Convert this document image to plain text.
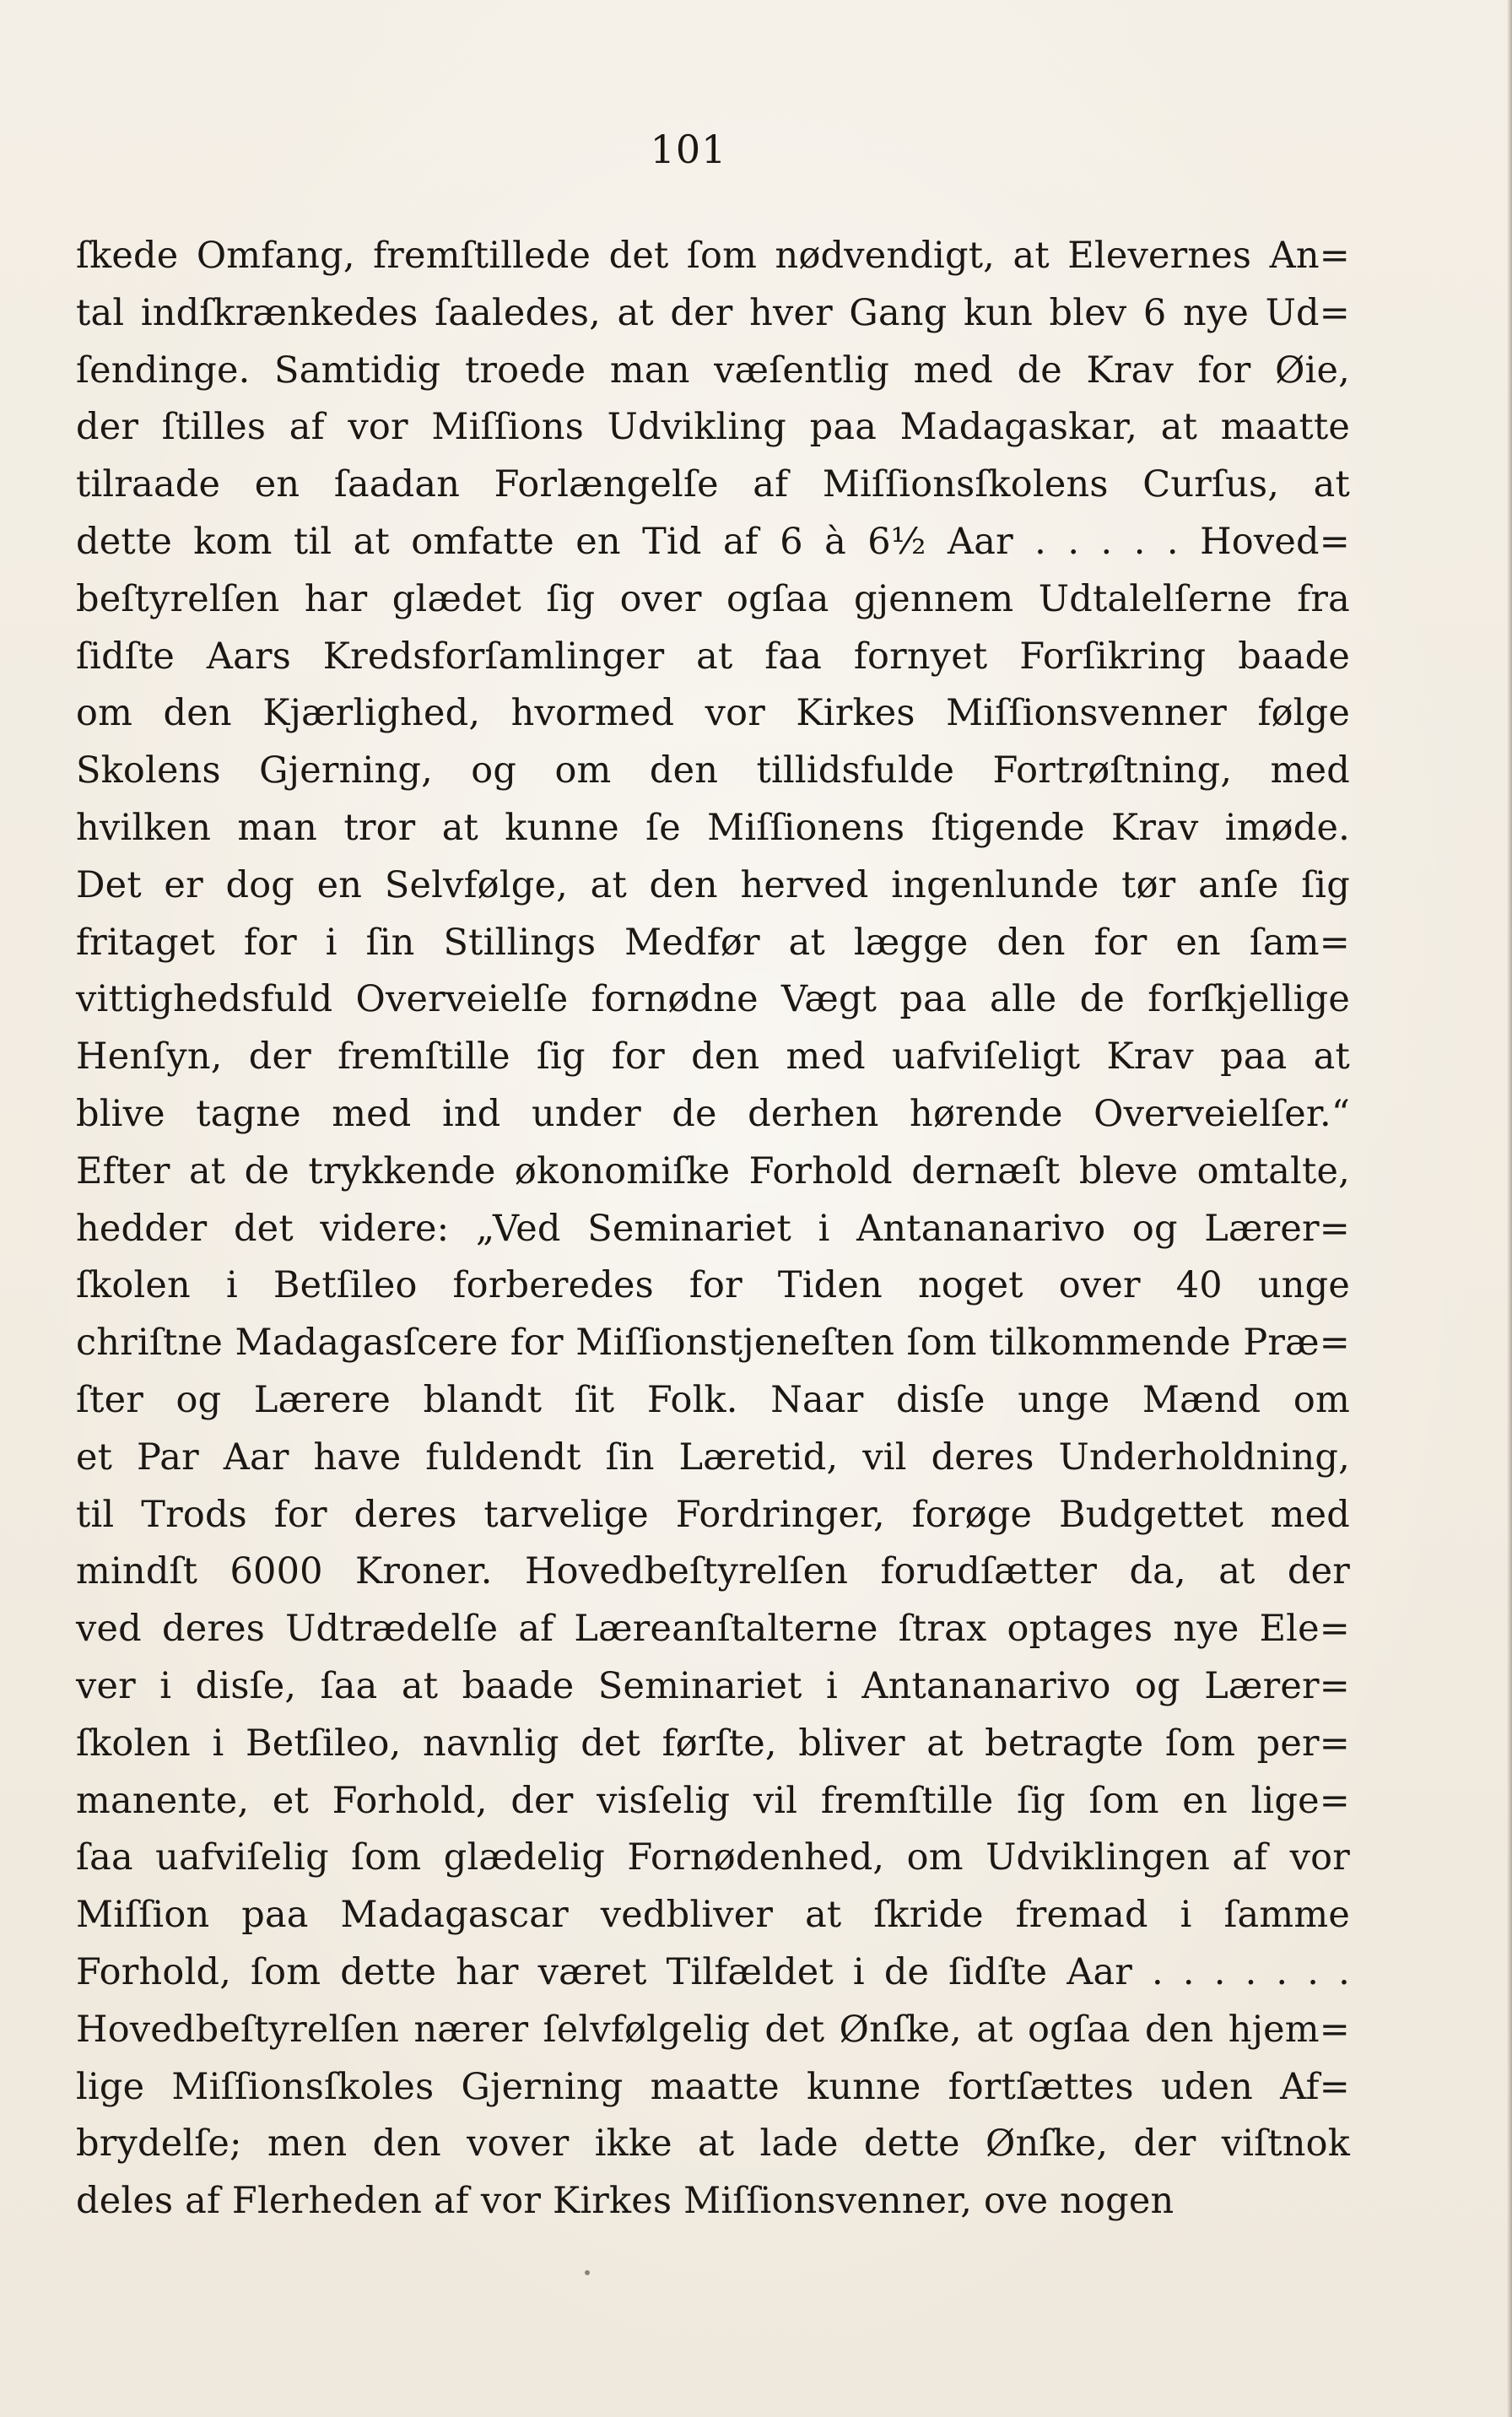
101
ſkede Omfang, fremſtillede det ſom nødvendigt, at Elevernes An=
tal indſkrænkedes ſaaledes, at der hver Gang kun blev 6 nye Ud=
ſendinge. Samtidig troede man væſentlig med de Krav for Øie,
der ſtilles af vor Miſſions Udvikling paa Madagaskar, at maatte
tilraade en ſaadan Forlængelſe af Miſſionsſkolens Curſus, at
dette kom til at omfatte en Tid af 6 à 6½ Aar . . . . . Hoved=
beſtyrelſen har glædet ſig over ogſaa gjennem Udtalelſerne fra
ſidſte Aars Kredsforſamlinger at faa fornyet Forſikring baade
om den Kjærlighed, hvormed vor Kirkes Miſſionsvenner følge
Skolens Gjerning, og om den tillidsfulde Fortrøſtning, med
hvilken man tror at kunne ſe Miſſionens ſtigende Krav imøde.
Det er dog en Selvfølge, at den herved ingenlunde tør anſe ſig
fritaget for i ſin Stillings Medfør at lægge den for en ſam=
vittighedsfuld Overveielſe fornødne Vægt paa alle de forſkjellige
Henſyn, der fremſtille ſig for den med uafviſeligt Krav paa at
blive tagne med ind under de derhen hørende Overveielſer.“
Efter at de trykkende økonomiſke Forhold dernæſt bleve omtalte,
hedder det videre: „Ved Seminariet i Antananarivo og Lærer=
ſkolen i Betſileo forberedes for Tiden noget over 40 unge
chriſtne Madagasſcere for Miſſionstjeneſten ſom tilkommende Præ=
ſter og Lærere blandt ſit Folk. Naar disſe unge Mænd om
et Par Aar have fuldendt ſin Læretid, vil deres Underholdning,
til Trods for deres tarvelige Fordringer, forøge Budgettet med
mindſt 6000 Kroner. Hovedbeſtyrelſen forudſætter da, at der
ved deres Udtrædelſe af Læreanſtalterne ſtrax optages nye Ele=
ver i disſe, ſaa at baade Seminariet i Antananarivo og Lærer=
ſkolen i Betſileo, navnlig det førſte, bliver at betragte ſom per=
manente, et Forhold, der visſelig vil fremſtille ſig ſom en lige=
ſaa uafviſelig ſom glædelig Fornødenhed, om Udviklingen af vor
Miſſion paa Madagascar vedbliver at ſkride fremad i ſamme
Forhold, ſom dette har været Tilfældet i de ſidſte Aar . . . . . . .
Hovedbeſtyrelſen nærer ſelvfølgelig det Ønſke, at ogſaa den hjem=
lige Miſſionsſkoles Gjerning maatte kunne fortſættes uden Af=
brydelſe; men den vover ikke at lade dette Ønſke, der viſtnok
deles af Flerheden af vor Kirkes Miſſionsvenner, ove nogen
